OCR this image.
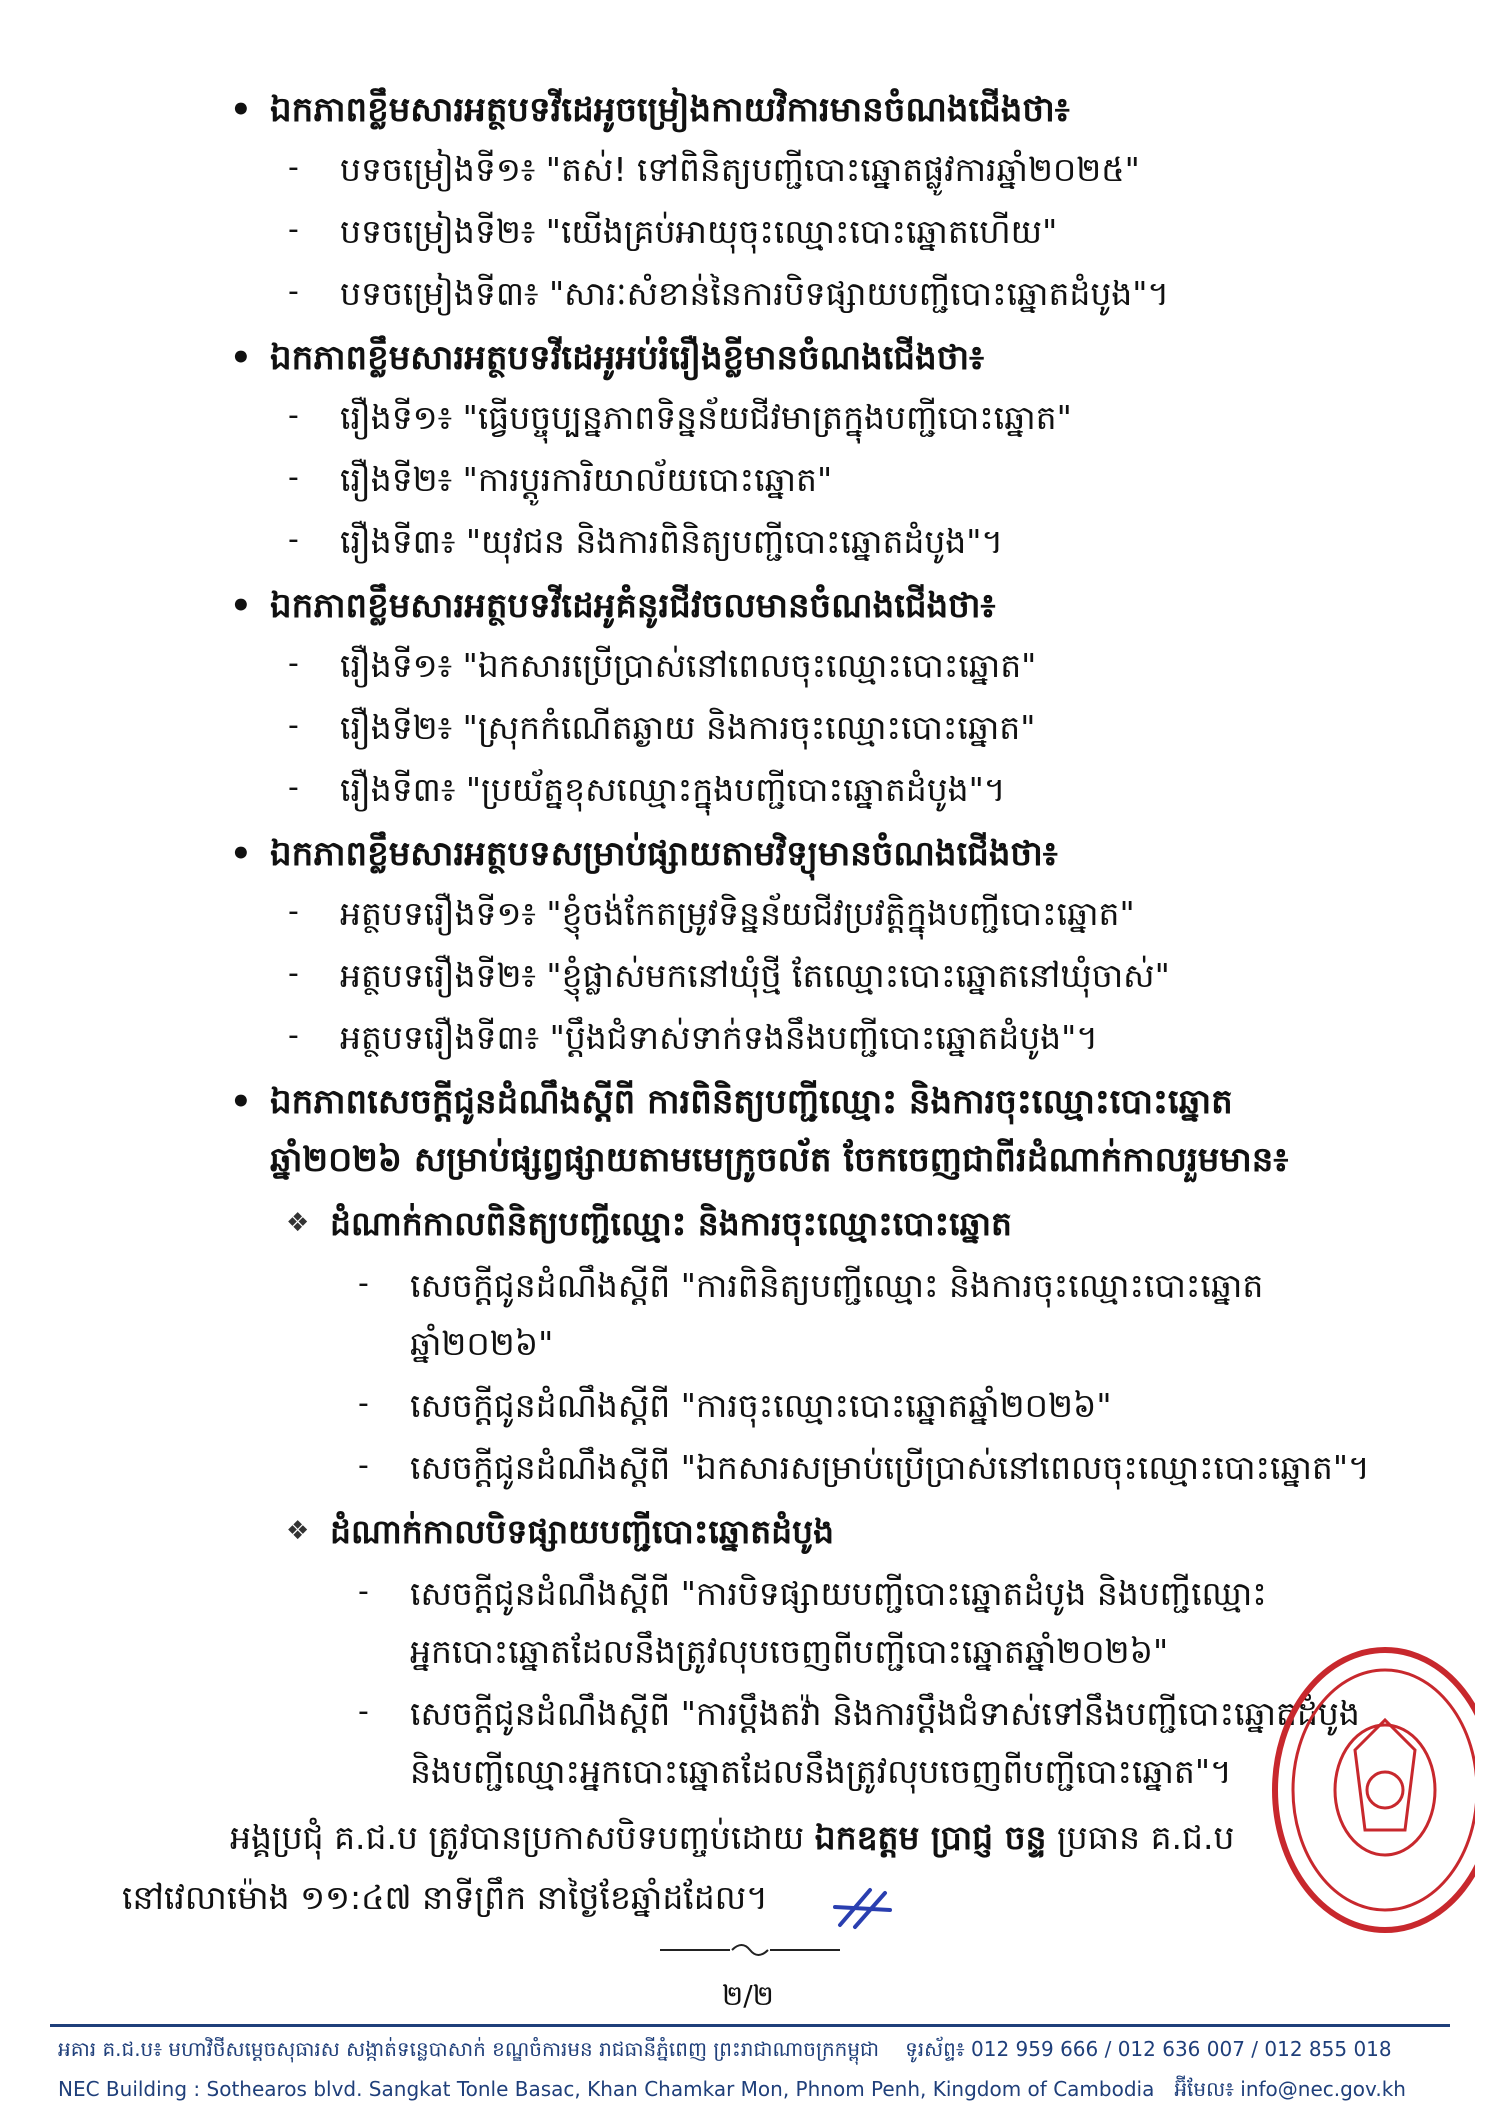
• ឯកភាពខ្លឹមសារអត្ថបទវីដេអូចម្រៀងកាយវិការមានចំណងជើងថា៖
- បទចម្រៀងទី១៖ "តស់! ទៅពិនិត្យបញ្ជីបោះឆ្នោតផ្លូវការឆ្នាំ២០២៥"
- បទចម្រៀងទី២៖ "យើងគ្រប់អាយុចុះឈ្មោះបោះឆ្នោតហើយ"
- បទចម្រៀងទី៣៖ "សារៈសំខាន់នៃការបិទផ្សាយបញ្ជីបោះឆ្នោតដំបូង"។
• ឯកភាពខ្លឹមសារអត្ថបទវីដេអូអប់រំរឿងខ្លីមានចំណងជើងថា៖
- រឿងទី១៖ "ធ្វើបច្ចុប្បន្នភាពទិន្នន័យជីវមាត្រក្នុងបញ្ជីបោះឆ្នោត"
- រឿងទី២៖ "ការប្តូរការិយាល័យបោះឆ្នោត"
- រឿងទី៣៖ "យុវជន និងការពិនិត្យបញ្ជីបោះឆ្នោតដំបូង"។
• ឯកភាពខ្លឹមសារអត្ថបទវីដេអូគំនូរជីវចលមានចំណងជើងថា៖
- រឿងទី១៖ "ឯកសារប្រើប្រាស់នៅពេលចុះឈ្មោះបោះឆ្នោត"
- រឿងទី២៖ "ស្រុកកំណើតឆ្ងាយ និងការចុះឈ្មោះបោះឆ្នោត"
- រឿងទី៣៖ "ប្រយ័ត្នខុសឈ្មោះក្នុងបញ្ជីបោះឆ្នោតដំបូង"។
• ឯកភាពខ្លឹមសារអត្ថបទសម្រាប់ផ្សាយតាមវិទ្យុមានចំណងជើងថា៖
- អត្ថបទរឿងទី១៖ "ខ្ញុំចង់កែតម្រូវទិន្នន័យជីវប្រវត្តិក្នុងបញ្ជីបោះឆ្នោត"
- អត្ថបទរឿងទី២៖ "ខ្ញុំផ្លាស់មកនៅឃុំថ្មី តែឈ្មោះបោះឆ្នោតនៅឃុំចាស់"
- អត្ថបទរឿងទី៣៖ "ប្តឹងជំទាស់ទាក់ទងនឹងបញ្ជីបោះឆ្នោតដំបូង"។
• ឯកភាពសេចក្តីជូនដំណឹងស្តីពី ការពិនិត្យបញ្ជីឈ្មោះ និងការចុះឈ្មោះបោះឆ្នោត
ឆ្នាំ២០២៦ សម្រាប់ផ្សព្វផ្សាយតាមមេក្រូចល័ត ចែកចេញជាពីរដំណាក់កាលរួមមាន៖
❖ ដំណាក់កាលពិនិត្យបញ្ជីឈ្មោះ និងការចុះឈ្មោះបោះឆ្នោត
- សេចក្តីជូនដំណឹងស្តីពី "ការពិនិត្យបញ្ជីឈ្មោះ និងការចុះឈ្មោះបោះឆ្នោត
ឆ្នាំ២០២៦"
- សេចក្តីជូនដំណឹងស្តីពី "ការចុះឈ្មោះបោះឆ្នោតឆ្នាំ២០២៦"
- សេចក្តីជូនដំណឹងស្តីពី "ឯកសារសម្រាប់ប្រើប្រាស់នៅពេលចុះឈ្មោះបោះឆ្នោត"។
❖ ដំណាក់កាលបិទផ្សាយបញ្ជីបោះឆ្នោតដំបូង
- សេចក្តីជូនដំណឹងស្តីពី "ការបិទផ្សាយបញ្ជីបោះឆ្នោតដំបូង និងបញ្ជីឈ្មោះ
អ្នកបោះឆ្នោតដែលនឹងត្រូវលុបចេញពីបញ្ជីបោះឆ្នោតឆ្នាំ២០២៦"
- សេចក្តីជូនដំណឹងស្តីពី "ការប្តឹងតវ៉ា និងការប្តឹងជំទាស់ទៅនឹងបញ្ជីបោះឆ្នោតដំបូង
និងបញ្ជីឈ្មោះអ្នកបោះឆ្នោតដែលនឹងត្រូវលុបចេញពីបញ្ជីបោះឆ្នោត"។
អង្គប្រជុំ គ.ជ.ប ត្រូវបានប្រកាសបិទបញ្ចប់ដោយ ឯកឧត្តម ប្រាជ្ញ ចន្ទ ប្រធាន គ.ជ.ប
នៅវេលាម៉ោង ១១:៤៧ នាទីព្រឹក នាថ្ងៃខែឆ្នាំដដែល។
២/២
អគារ គ.ជ.ប៖ មហាវិថីសម្តេចសុធារស សង្កាត់ទន្លេបាសាក់ ខណ្ឌចំការមន រាជធានីភ្នំពេញ ព្រះរាជាណាចក្រកម្ពុជា ទូរស័ព្ទ៖ 012 959 666 / 012 636 007 / 012 855 018
NEC Building : Sothearos blvd. Sangkat Tonle Basac, Khan Chamkar Mon, Phnom Penh, Kingdom of Cambodia អ៊ីមែល៖ info@nec.gov.kh
